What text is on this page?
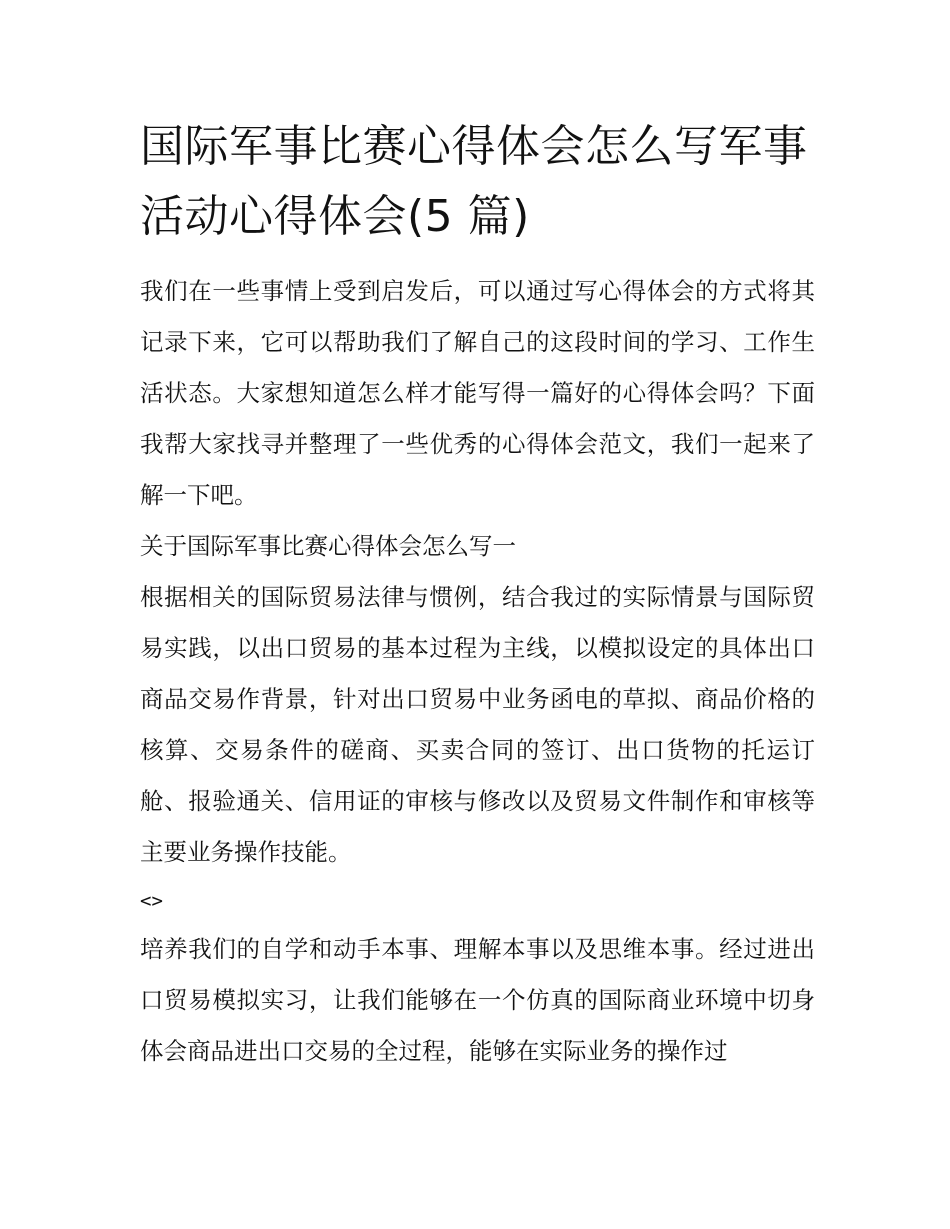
国际军事比赛心得体会怎么写军事活动心得体会(5 篇)

我们在一些事情上受到启发后，可以通过写心得体会的方式将其记录下来，它可以帮助我们了解自己的这段时间的学习、工作生活状态。大家想知道怎么样才能写得一篇好的心得体会吗？下面我帮大家找寻并整理了一些优秀的心得体会范文，我们一起来了解一下吧。

关于国际军事比赛心得体会怎么写一

根据相关的国际贸易法律与惯例，结合我过的实际情景与国际贸易实践，以出口贸易的基本过程为主线，以模拟设定的具体出口商品交易作背景，针对出口贸易中业务函电的草拟、商品价格的核算、交易条件的磋商、买卖合同的签订、出口货物的托运订舱、报验通关、信用证的审核与修改以及贸易文件制作和审核等主要业务操作技能。

<>

培养我们的自学和动手本事、理解本事以及思维本事。经过进出口贸易模拟实习，让我们能够在一个仿真的国际商业环境中切身体会商品进出口交易的全过程，能够在实际业务的操作过
